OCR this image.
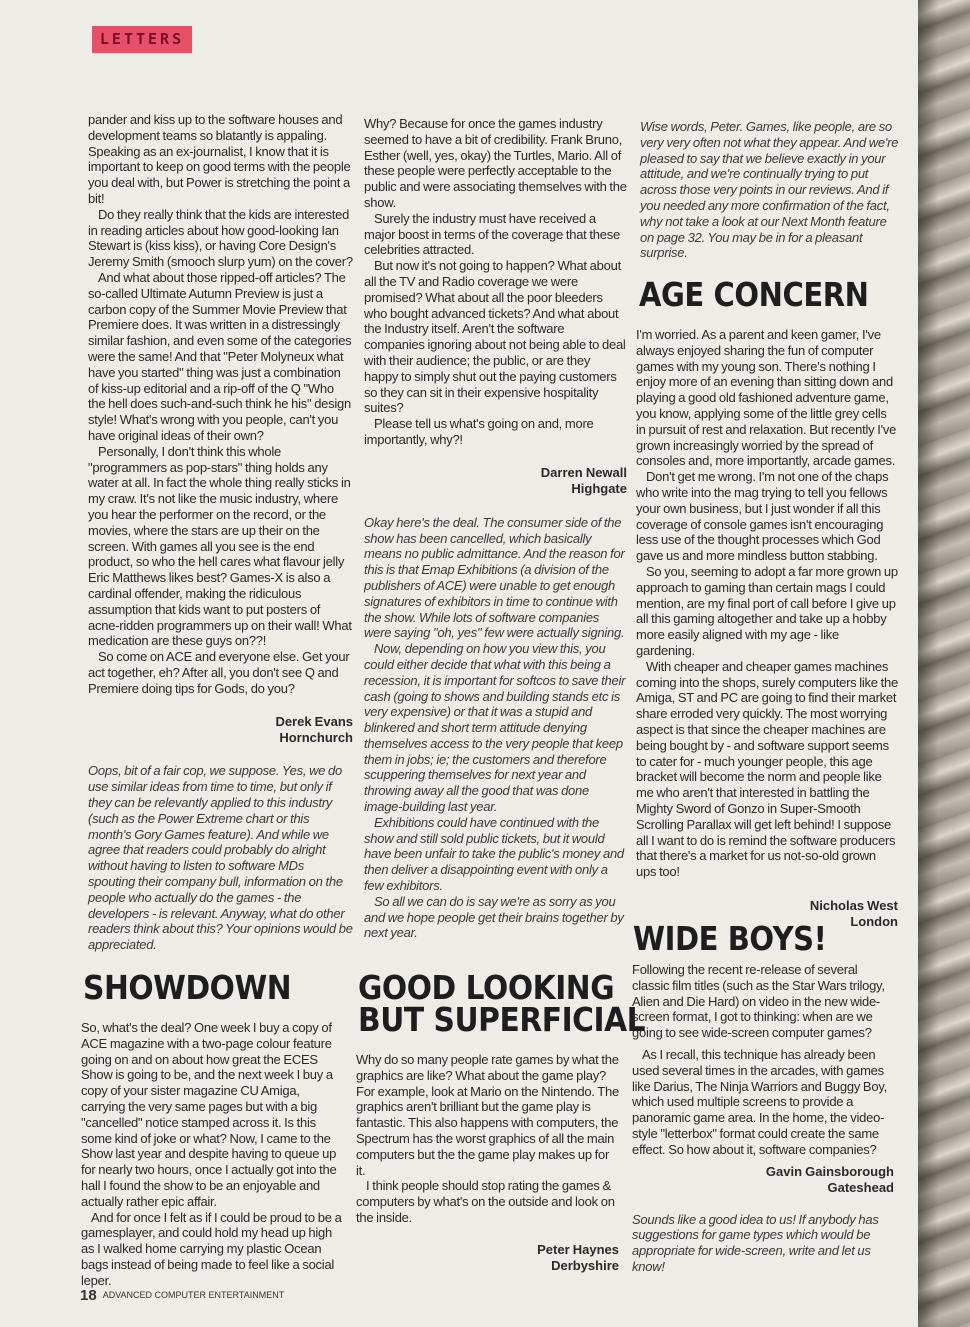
LETTERS

pander and kiss up to the software houses and development teams so blatantly is appaling. Speaking as an ex-journalist, I know that it is important to keep on good terms with the people you deal with, but Power is stretching the point a bit!

Do they really think that the kids are interested in reading articles about how good-looking Ian Stewart is (kiss kiss), or having Core Design's Jeremy Smith (smooch slurp yum) on the cover?

And what about those ripped-off articles? The so-called Ultimate Autumn Preview is just a carbon copy of the Summer Movie Preview that Premiere does. It was written in a distressingly similar fashion, and even some of the categories were the same! And that "Peter Molyneux what have you started" thing was just a combination of kiss-up editorial and a rip-off of the Q "Who the hell does such-and-such think he his" design style! What's wrong with you people, can't you have original ideas of their own?

Personally, I don't think this whole "programmers as pop-stars" thing holds any water at all. In fact the whole thing really sticks in my craw. It's not like the music industry, where you hear the performer on the record, or the movies, where the stars are up their on the screen. With games all you see is the end product, so who the hell cares what flavour jelly Eric Matthews likes best? Games-X is also a cardinal offender, making the ridiculous assumption that kids want to put posters of acne-ridden programmers up on their wall! What medication are these guys on??!

So come on ACE and everyone else. Get your act together, eh? After all, you don't see Q and Premiere doing tips for Gods, do you?

Derek Evans
Hornchurch

Oops, bit of a fair cop, we suppose. Yes, we do use similar ideas from time to time, but only if they can be relevantly applied to this industry (such as the Power Extreme chart or this month's Gory Games feature). And while we agree that readers could probably do alright without having to listen to software MDs spouting their company bull, information on the people who actually do the games - the developers - is relevant. Anyway, what do other readers think about this? Your opinions would be appreciated.

SHOWDOWN

So, what's the deal? One week I buy a copy of ACE magazine with a two-page colour feature going on and on about how great the ECES Show is going to be, and the next week I buy a copy of your sister magazine CU Amiga, carrying the very same pages but with a big "cancelled" notice stamped across it. Is this some kind of joke or what? Now, I came to the Show last year and despite having to queue up for nearly two hours, once I actually got into the hall I found the show to be an enjoyable and actually rather epic affair.

And for once I felt as if I could be proud to be a gamesplayer, and could hold my head up high as I walked home carrying my plastic Ocean bags instead of being made to feel like a social leper.

Why? Because for once the games industry seemed to have a bit of credibility. Frank Bruno, Esther (well, yes, okay) the Turtles, Mario. All of these people were perfectly acceptable to the public and were associating themselves with the show.

Surely the industry must have received a major boost in terms of the coverage that these celebrities attracted.

But now it's not going to happen? What about all the TV and Radio coverage we were promised? What about all the poor bleeders who bought advanced tickets? And what about the Industry itself. Aren't the software companies ignoring about not being able to deal with their audience; the public, or are they happy to simply shut out the paying customers so they can sit in their expensive hospitality suites?

Please tell us what's going on and, more importantly, why?!

Darren Newall
Highgate

Okay here's the deal. The consumer side of the show has been cancelled, which basically means no public admittance. And the reason for this is that Emap Exhibitions (a division of the publishers of ACE) were unable to get enough signatures of exhibitors in time to continue with the show. While lots of software companies were saying "oh, yes" few were actually signing.

Now, depending on how you view this, you could either decide that what with this being a recession, it is important for softcos to save their cash (going to shows and building stands etc is very expensive) or that it was a stupid and blinkered and short term attitude denying themselves access to the very people that keep them in jobs; ie; the customers and therefore scuppering themselves for next year and throwing away all the good that was done image-building last year.

Exhibitions could have continued with the show and still sold public tickets, but it would have been unfair to take the public's money and then deliver a disappointing event with only a few exhibitors.

So all we can do is say we're as sorry as you and we hope people get their brains together by next year.

GOOD LOOKING
BUT SUPERFICIAL

Why do so many people rate games by what the graphics are like? What about the game play? For example, look at Mario on the Nintendo. The graphics aren't brilliant but the game play is fantastic. This also happens with computers, the Spectrum has the worst graphics of all the main computers but the the game play makes up for it.

I think people should stop rating the games & computers by what's on the outside and look on the inside.

Peter Haynes
Derbyshire

Wise words, Peter. Games, like people, are so very very often not what they appear. And we're pleased to say that we believe exactly in your attitude, and we're continually trying to put across those very points in our reviews. And if you needed any more confirmation of the fact, why not take a look at our Next Month feature on page 32. You may be in for a pleasant surprise.

AGE CONCERN

I'm worried. As a parent and keen gamer, I've always enjoyed sharing the fun of computer games with my young son. There's nothing I enjoy more of an evening than sitting down and playing a good old fashioned adventure game, you know, applying some of the little grey cells in pursuit of rest and relaxation. But recently I've grown increasingly worried by the spread of consoles and, more importantly, arcade games.

Don't get me wrong. I'm not one of the chaps who write into the mag trying to tell you fellows your own business, but I just wonder if all this coverage of console games isn't encouraging less use of the thought processes which God gave us and more mindless button stabbing.

So you, seeming to adopt a far more grown up approach to gaming than certain mags I could mention, are my final port of call before I give up all this gaming altogether and take up a hobby more easily aligned with my age - like gardening.

With cheaper and cheaper games machines coming into the shops, surely computers like the Amiga, ST and PC are going to find their market share erroded very quickly. The most worrying aspect is that since the cheaper machines are being bought by - and software support seems to cater for - much younger people, this age bracket will become the norm and people like me who aren't that interested in battling the Mighty Sword of Gonzo in Super-Smooth Scrolling Parallax will get left behind! I suppose all I want to do is remind the software producers that there's a market for us not-so-old grown ups too!

Nicholas West
London
WIDE BOYS!

Following the recent re-release of several classic film titles (such as the Star Wars trilogy, Alien and Die Hard) on video in the new wide-screen format, I got to thinking: when are we going to see wide-screen computer games?

As I recall, this technique has already been used several times in the arcades, with games like Darius, The Ninja Warriors and Buggy Boy, which used multiple screens to provide a panoramic game area. In the home, the video-style "letterbox" format could create the same effect. So how about it, software companies?

Gavin Gainsborough
Gateshead

Sounds like a good idea to us! If anybody has suggestions for game types which would be appropriate for wide-screen, write and let us know!

18 ADVANCED COMPUTER ENTERTAINMENT
